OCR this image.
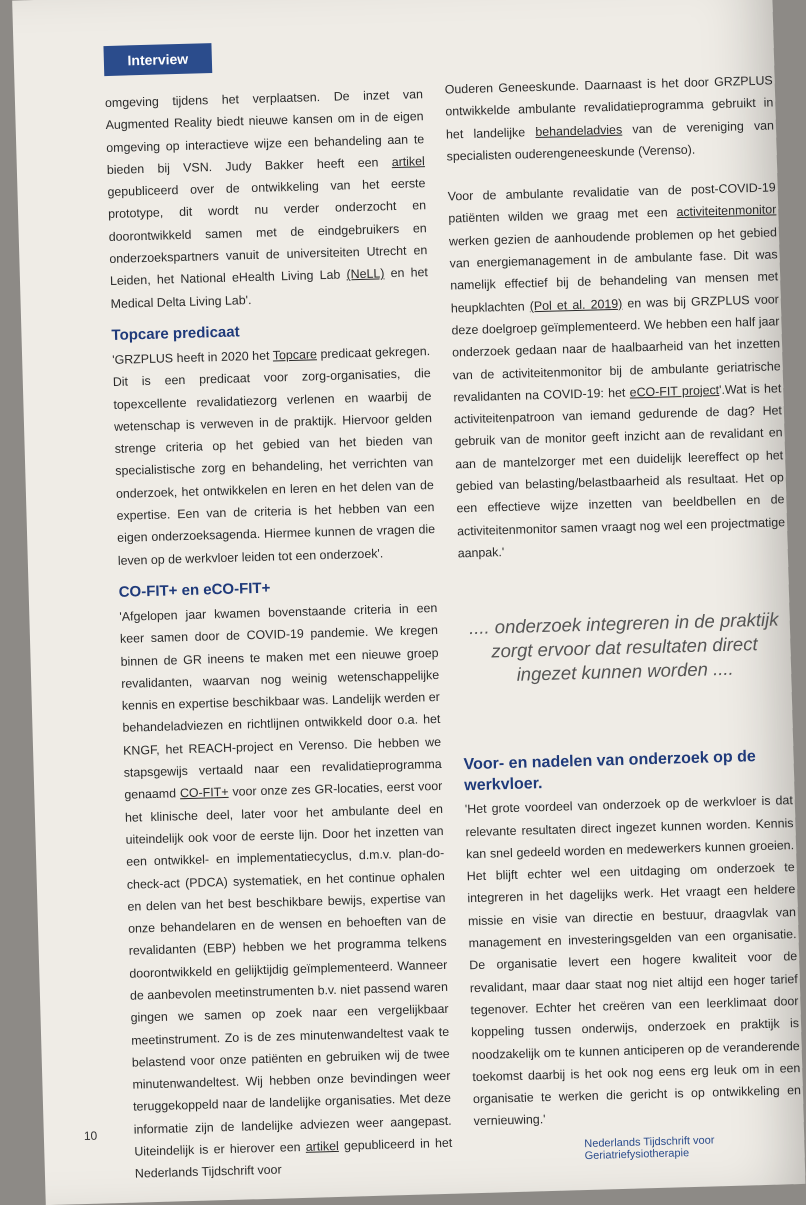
Interview

omgeving tijdens het verplaatsen. De inzet van Augmented Reality biedt nieuwe kansen om in de eigen omgeving op interactieve wijze een behandeling aan te bieden bij VSN. Judy Bakker heeft een artikel gepubliceerd over de ontwikkeling van het eerste prototype, dit wordt nu verder onderzocht en doorontwikkeld samen met de eindgebruikers en onderzoekspartners vanuit de universiteiten Utrecht en Leiden, het National eHealth Living Lab (NeLL) en het Medical Delta Living Lab'.

Topcare predicaat

'GRZPLUS heeft in 2020 het Topcare predicaat gekregen. Dit is een predicaat voor zorg-organisaties, die topexcellente revalidatiezorg verlenen en waarbij de wetenschap is verweven in de praktijk. Hiervoor gelden strenge criteria op het gebied van het bieden van specialistische zorg en behandeling, het verrichten van onderzoek, het ontwikkelen en leren en het delen van de expertise. Een van de criteria is het hebben van een eigen onderzoeksagenda. Hiermee kunnen de vragen die leven op de werkvloer leiden tot een onderzoek'.

CO-FIT+ en eCO-FIT+

'Afgelopen jaar kwamen bovenstaande criteria in een keer samen door de COVID-19 pandemie. We kregen binnen de GR ineens te maken met een nieuwe groep revalidanten, waarvan nog weinig wetenschappelijke kennis en expertise beschikbaar was. Landelijk werden er behandeladviezen en richtlijnen ontwikkeld door o.a. het KNGF, het REACH-project en Verenso. Die hebben we stapsgewijs vertaald naar een revalidatieprogramma genaamd CO-FIT+ voor onze zes GR-locaties, eerst voor het klinische deel, later voor het ambulante deel en uiteindelijk ook voor de eerste lijn. Door het inzetten van een ontwikkel- en implementatiecyclus, d.m.v. plan-do-check-act (PDCA) systematiek, en het continue ophalen en delen van het best beschikbare bewijs, expertise van onze behandelaren en de wensen en behoeften van de revalidanten (EBP) hebben we het programma telkens doorontwikkeld en gelijktijdig geïmplementeerd. Wanneer de aanbevolen meetinstrumenten b.v. niet passend waren gingen we samen op zoek naar een vergelijkbaar meetinstrument. Zo is de zes minutenwandeltest vaak te belastend voor onze patiënten en gebruiken wij de twee minutenwandeltest. Wij hebben onze bevindingen weer teruggekoppeld naar de landelijke organisaties. Met deze informatie zijn de landelijke adviezen weer aangepast. Uiteindelijk is er hierover een artikel gepubliceerd in het Nederlands Tijdschrift voor

Ouderen Geneeskunde. Daarnaast is het door GRZPLUS ontwikkelde ambulante revalidatieprogramma gebruikt in het landelijke behandeladvies van de vereniging van specialisten ouderengeneeskunde (Verenso).

Voor de ambulante revalidatie van de post-COVID-19 patiënten wilden we graag met een activiteitenmonitor werken gezien de aanhoudende problemen op het gebied van energiemanagement in de ambulante fase. Dit was namelijk effectief bij de behandeling van mensen met heupklachten (Pol et al. 2019) en was bij GRZPLUS voor deze doelgroep geïmplementeerd. We hebben een half jaar onderzoek gedaan naar de haalbaarheid van het inzetten van de activiteitenmonitor bij de ambulante geriatrische revalidanten na COVID-19: het eCO-FIT project'.Wat is het activiteitenpatroon van iemand gedurende de dag? Het gebruik van de monitor geeft inzicht aan de revalidant en aan de mantelzorger met een duidelijk leereffect op het gebied van belasting/belastbaarheid als resultaat. Het op een effectieve wijze inzetten van beeldbellen en de activiteitenmonitor samen vraagt nog wel een projectmatige aanpak.'

.... onderzoek integreren in de praktijk zorgt ervoor dat resultaten direct ingezet kunnen worden ....
Voor- en nadelen van onderzoek op de werkvloer.

'Het grote voordeel van onderzoek op de werkvloer is dat relevante resultaten direct ingezet kunnen worden. Kennis kan snel gedeeld worden en medewerkers kunnen groeien. Het blijft echter wel een uitdaging om onderzoek te integreren in het dagelijks werk. Het vraagt een heldere missie en visie van directie en bestuur, draagvlak van management en investeringsgelden van een organisatie. De organisatie levert een hogere kwaliteit voor de revalidant, maar daar staat nog niet altijd een hoger tarief tegenover. Echter het creëren van een leerklimaat door koppeling tussen onderwijs, onderzoek en praktijk is noodzakelijk om te kunnen anticiperen op de veranderende toekomst daarbij is het ook nog eens erg leuk om in een organisatie te werken die gericht is op ontwikkeling en vernieuwing.'

10	Nederlands Tijdschrift voor Geriatriefysiotherapie
